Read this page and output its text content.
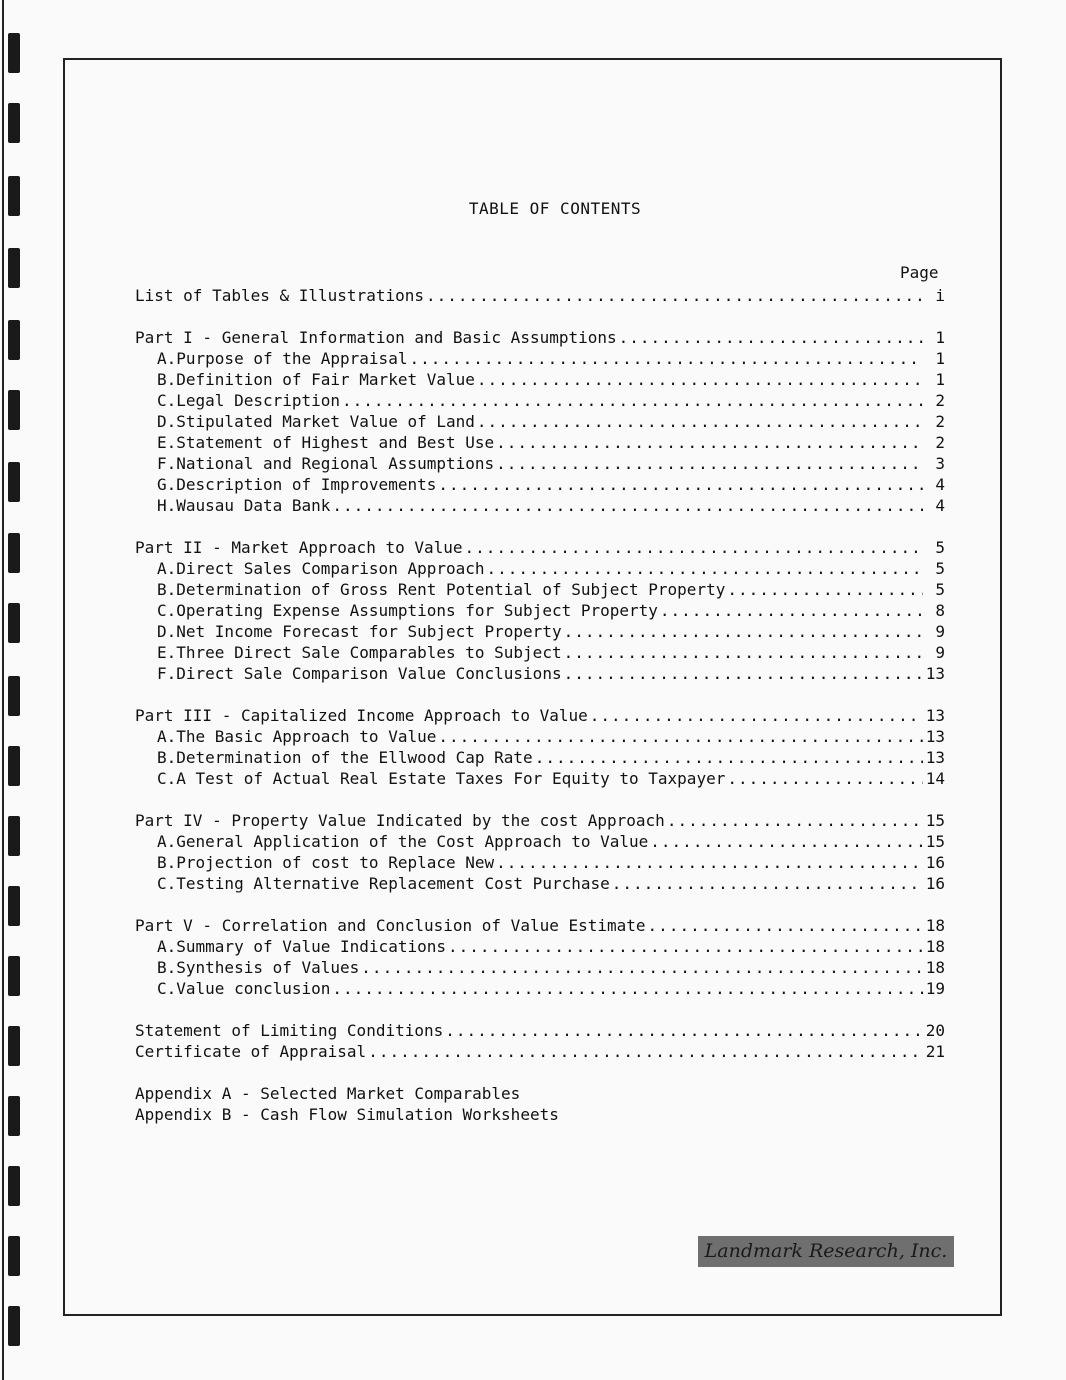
TABLE OF CONTENTS
Page
List of Tables & Illustrations .....	i
Part I - General Information and Basic Assumptions .....	1
A. Purpose of the Appraisal .....	1
B. Definition of Fair Market Value .....	1
C. Legal Description .....	2
D. Stipulated Market Value of Land .....	2
E. Statement of Highest and Best Use .....	2
F. National and Regional Assumptions .....	3
G. Description of Improvements .....	4
H. Wausau Data Bank .....	4
Part II - Market Approach to Value .....	5
A. Direct Sales Comparison Approach .....	5
B. Determination of Gross Rent Potential of Subject Property .....	5
C. Operating Expense Assumptions for Subject Property .....	8
D. Net Income Forecast for Subject Property .....	9
E. Three Direct Sale Comparables to Subject .....	9
F. Direct Sale Comparison Value Conclusions .....	13
Part III - Capitalized Income Approach to Value .....	13
A. The Basic Approach to Value .....	13
B. Determination of the Ellwood Cap Rate .....	13
C. A Test of Actual Real Estate Taxes For Equity to Taxpayer .....	14
Part IV - Property Value Indicated by the cost Approach .....	15
A. General Application of the Cost Approach to Value .....	15
B. Projection of cost to Replace New .....	16
C. Testing Alternative Replacement Cost Purchase .....	16
Part V - Correlation and Conclusion of Value Estimate .....	18
A. Summary of Value Indications .....	18
B. Synthesis of Values .....	18
C. Value conclusion .....	19
Statement of Limiting Conditions .....	20
Certificate of Appraisal .....	21
Appendix A - Selected Market Comparables
Appendix B - Cash Flow Simulation Worksheets
Landmark Research, Inc.
